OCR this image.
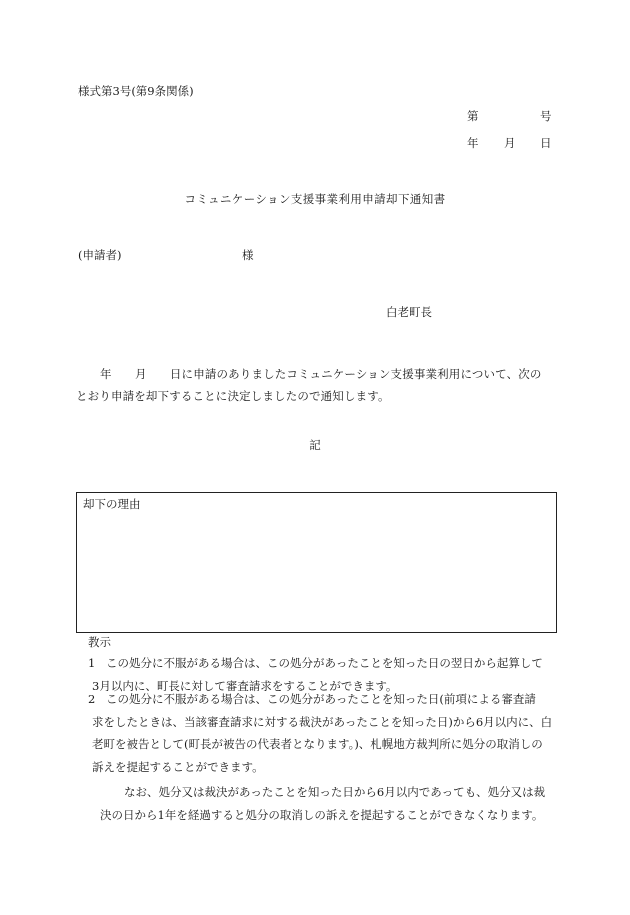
様式第3号(第9条関係)
第	号
年 月 日
コミュニケーション支援事業利用申請却下通知書
(申請者)	様
白老町長
年　　月　　日に申請のありましたコミュニケーション支援事業利用について、次のとおり申請を却下することに決定しましたので通知します。
記
却下の理由
教示
1 この処分に不服がある場合は、この処分があったことを知った日の翌日から起算して
3月以内に、町長に対して審査請求をすることができます。
2 この処分に不服がある場合は、この処分があったことを知った日(前項による審査請
求をしたときは、当該審査請求に対する裁決があったことを知った日)から6月以内に、白老町を被告として(町長が被告の代表者となります。)、札幌地方裁判所に処分の取消しの訴えを提起することができます。
なお、処分又は裁決があったことを知った日から6月以内であっても、処分又は裁決の日から1年を経過すると処分の取消しの訴えを提起することができなくなります。
